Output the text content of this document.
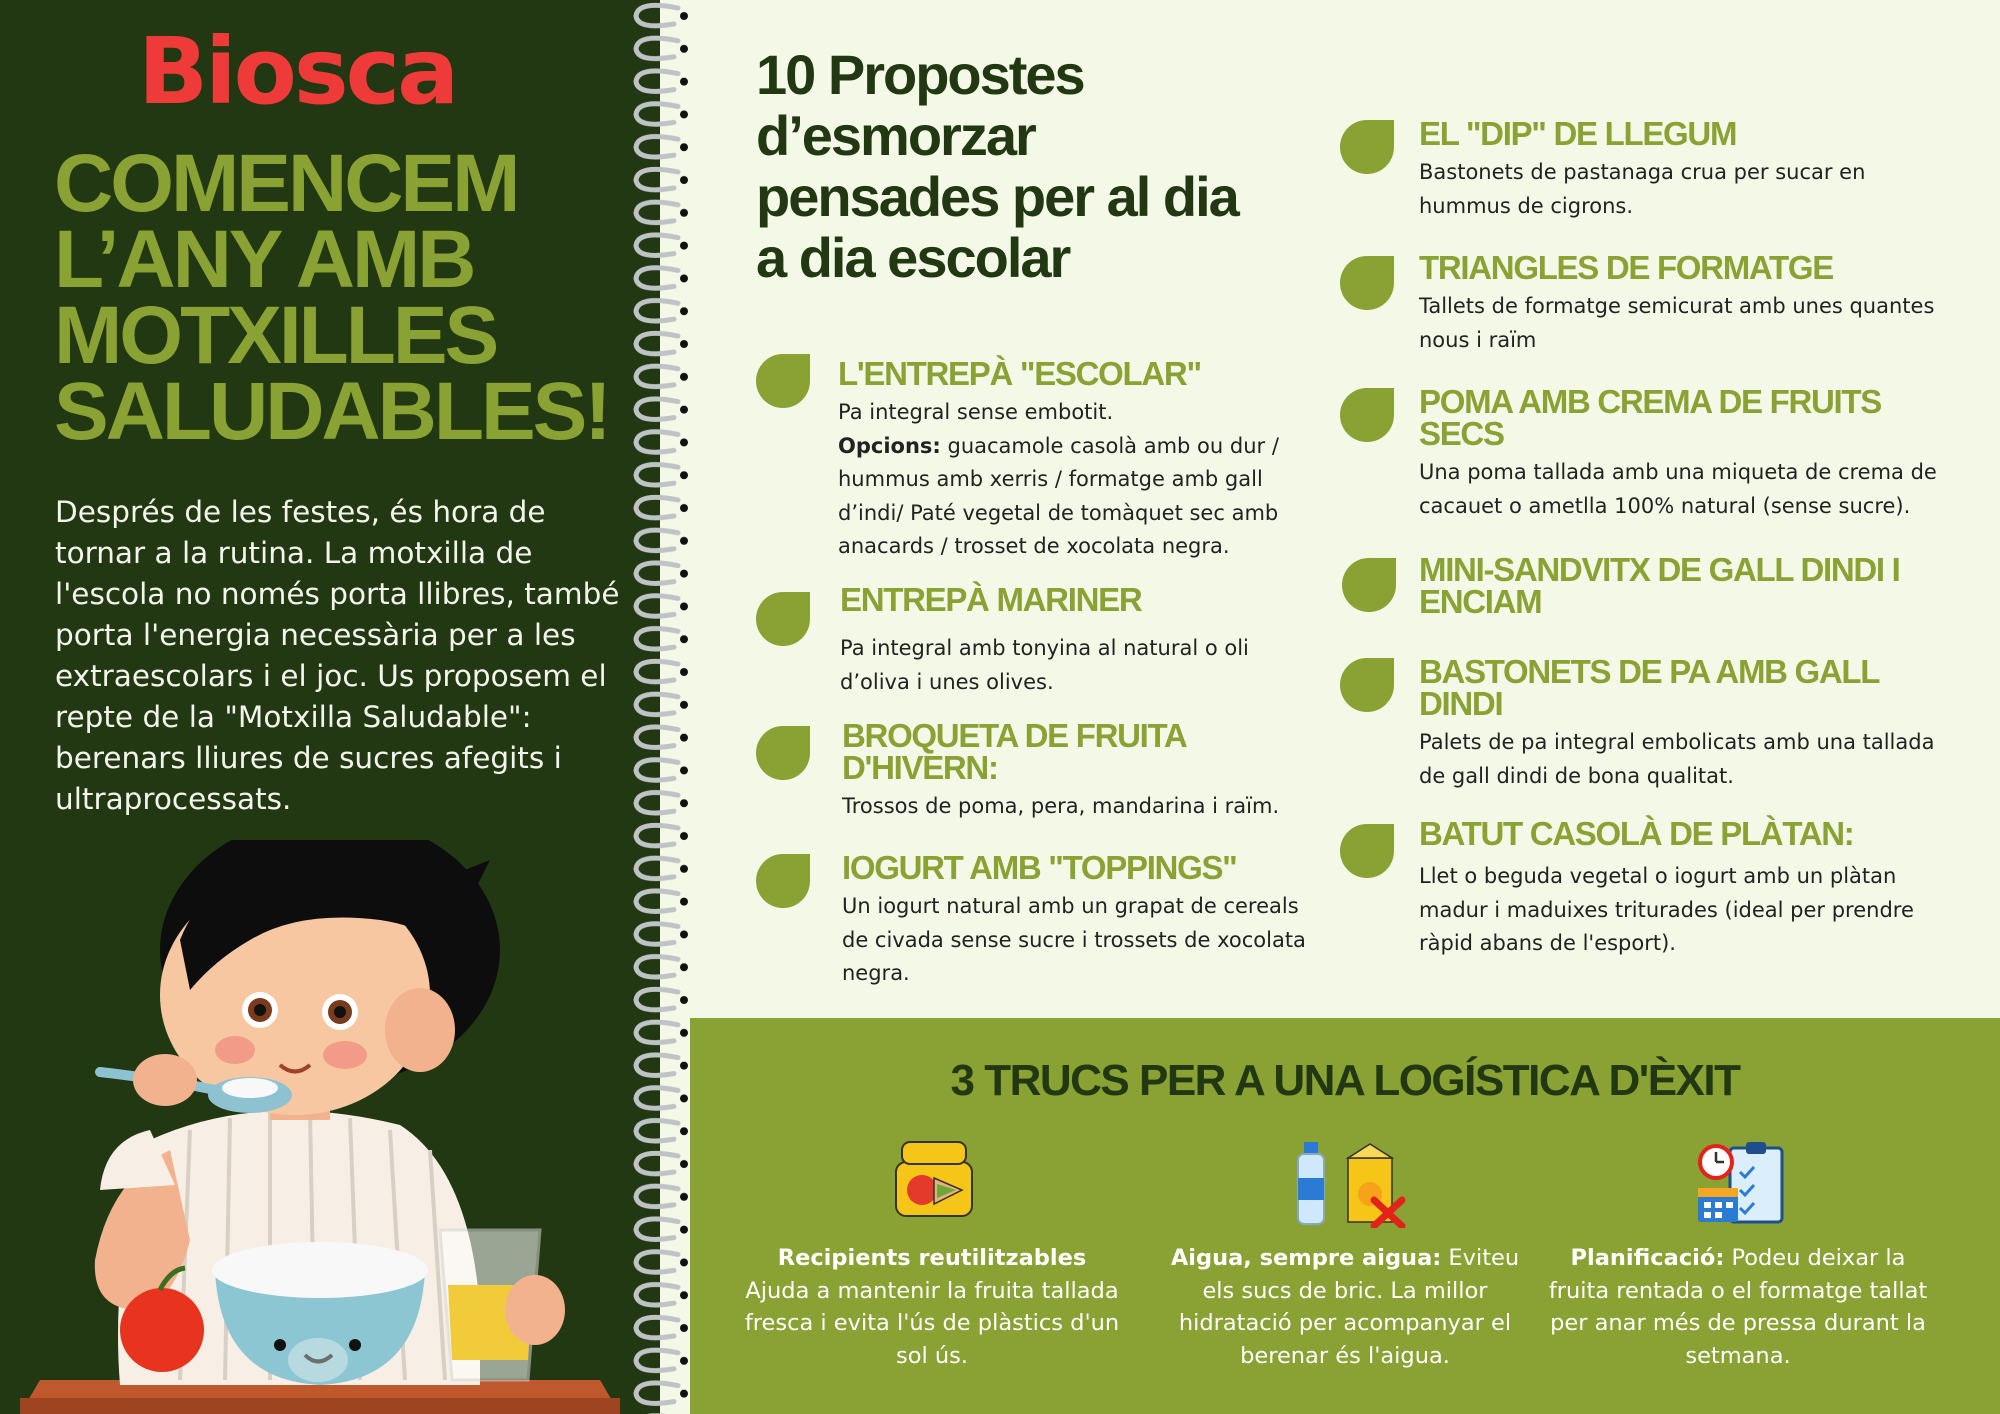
Biosca
COMENCEM
L’ANY AMB
MOTXILLES
SALUDABLES!
Després de les festes, és hora de tornar a la rutina. La motxilla de l'escola no només porta llibres, també porta l'energia necessària per a les extraescolars i el joc. Us proposem el repte de la "Motxilla Saludable": berenars lliures de sucres afegits i ultraprocessats.
10 Propostes
d’esmorzar
pensades per al dia
a dia escolar
L'ENTREPÀ "ESCOLAR"
Pa integral sense embotit.
Opcions: guacamole casolà amb ou dur / hummus amb xerris / formatge amb gall d’indi/ Paté vegetal de tomàquet sec amb anacards / trosset de xocolata negra.
ENTREPÀ MARINER
Pa integral amb tonyina al natural o oli d’oliva i unes olives.
BROQUETA DE FRUITA D'HIVERN:
Trossos de poma, pera, mandarina i raïm.
IOGURT AMB "TOPPINGS"
Un iogurt natural amb un grapat de cereals de civada sense sucre i trossets de xocolata negra.
EL "DIP" DE LLEGUM
Bastonets de pastanaga crua per sucar en hummus de cigrons.
TRIANGLES DE FORMATGE
Tallets de formatge semicurat amb unes quantes nous i raïm
POMA AMB CREMA DE FRUITS SECS
Una poma tallada amb una miqueta de crema de cacauet o ametlla 100% natural (sense sucre).
MINI-SANDVITX DE GALL DINDI I ENCIAM
BASTONETS DE PA AMB GALL DINDI
Palets de pa integral embolicats amb una tallada de gall dindi de bona qualitat.
BATUT CASOLÀ DE PLÀTAN:
Llet o beguda vegetal o iogurt amb un plàtan madur i maduixes triturades (ideal per prendre ràpid abans de l'esport).
3 TRUCS PER A UNA LOGÍSTICA D'ÈXIT
Recipients reutilitzables
Ajuda a mantenir la fruita tallada fresca i evita l'ús de plàstics d'un sol ús.
Aigua, sempre aigua: Eviteu els sucs de bric. La millor hidratació per acompanyar el berenar és l'aigua.
Planificació: Podeu deixar la fruita rentada o el formatge tallat per anar més de pressa durant la setmana.
